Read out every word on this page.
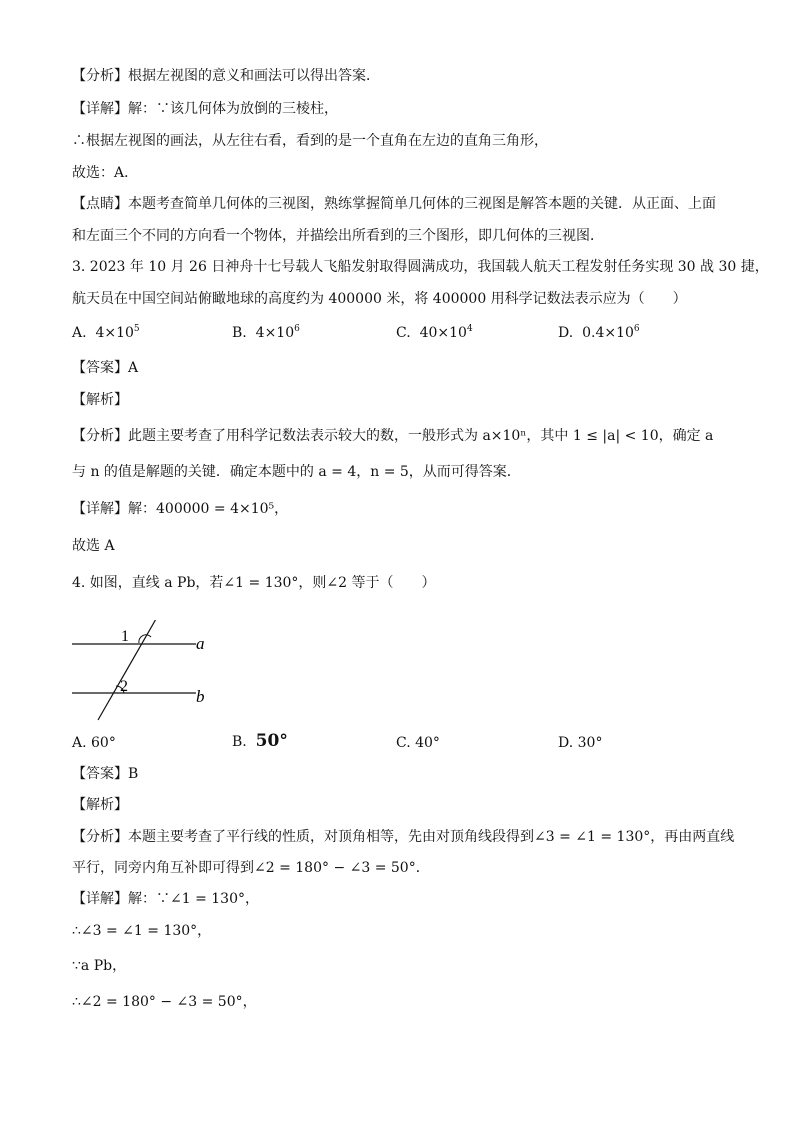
【分析】根据左视图的意义和画法可以得出答案．
【详解】解：∵该几何体为放倒的三棱柱，
∴根据左视图的画法，从左往右看，看到的是一个直角在左边的直角三角形，
故选：A．
【点睛】本题考查简单几何体的三视图，熟练掌握简单几何体的三视图是解答本题的关键．从正面、上面
和左面三个不同的方向看一个物体，并描绘出所看到的三个图形，即几何体的三视图．
3. 2023 年 10 月 26 日神舟十七号载人飞船发射取得圆满成功，我国载人航天工程发射任务实现 30 战 30 捷，
航天员在中国空间站俯瞰地球的高度约为 400000 米，将 400000 用科学记数法表示应为（　　）
A. $4\times 10^5$	B. $4\times 10^6$	C. $40\times 10^4$	D. $0.4\times 10^6$
【答案】A
【解析】
【分析】此题主要考查了用科学记数法表示较大的数，一般形式为 a×10ⁿ，其中 1 ≤ |a| < 10，确定 a
与 n 的值是解题的关键．确定本题中的 a = 4，n = 5，从而可得答案．
【详解】解：400000 = 4×10⁵，
故选 A
4. 如图，直线 a Pb，若∠1 = 130°，则∠2 等于（　　）
1
2
a
b
A. 60°	B. 50°	C. 40°	D. 30°
【答案】B
【解析】
【分析】本题主要考查了平行线的性质，对顶角相等，先由对顶角线段得到∠3 = ∠1 = 130°，再由两直线
平行，同旁内角互补即可得到∠2 = 180° − ∠3 = 50°．
【详解】解：∵∠1 = 130°，
∴∠3 = ∠1 = 130°，
∵a Pb，
∴∠2 = 180° − ∠3 = 50°，
